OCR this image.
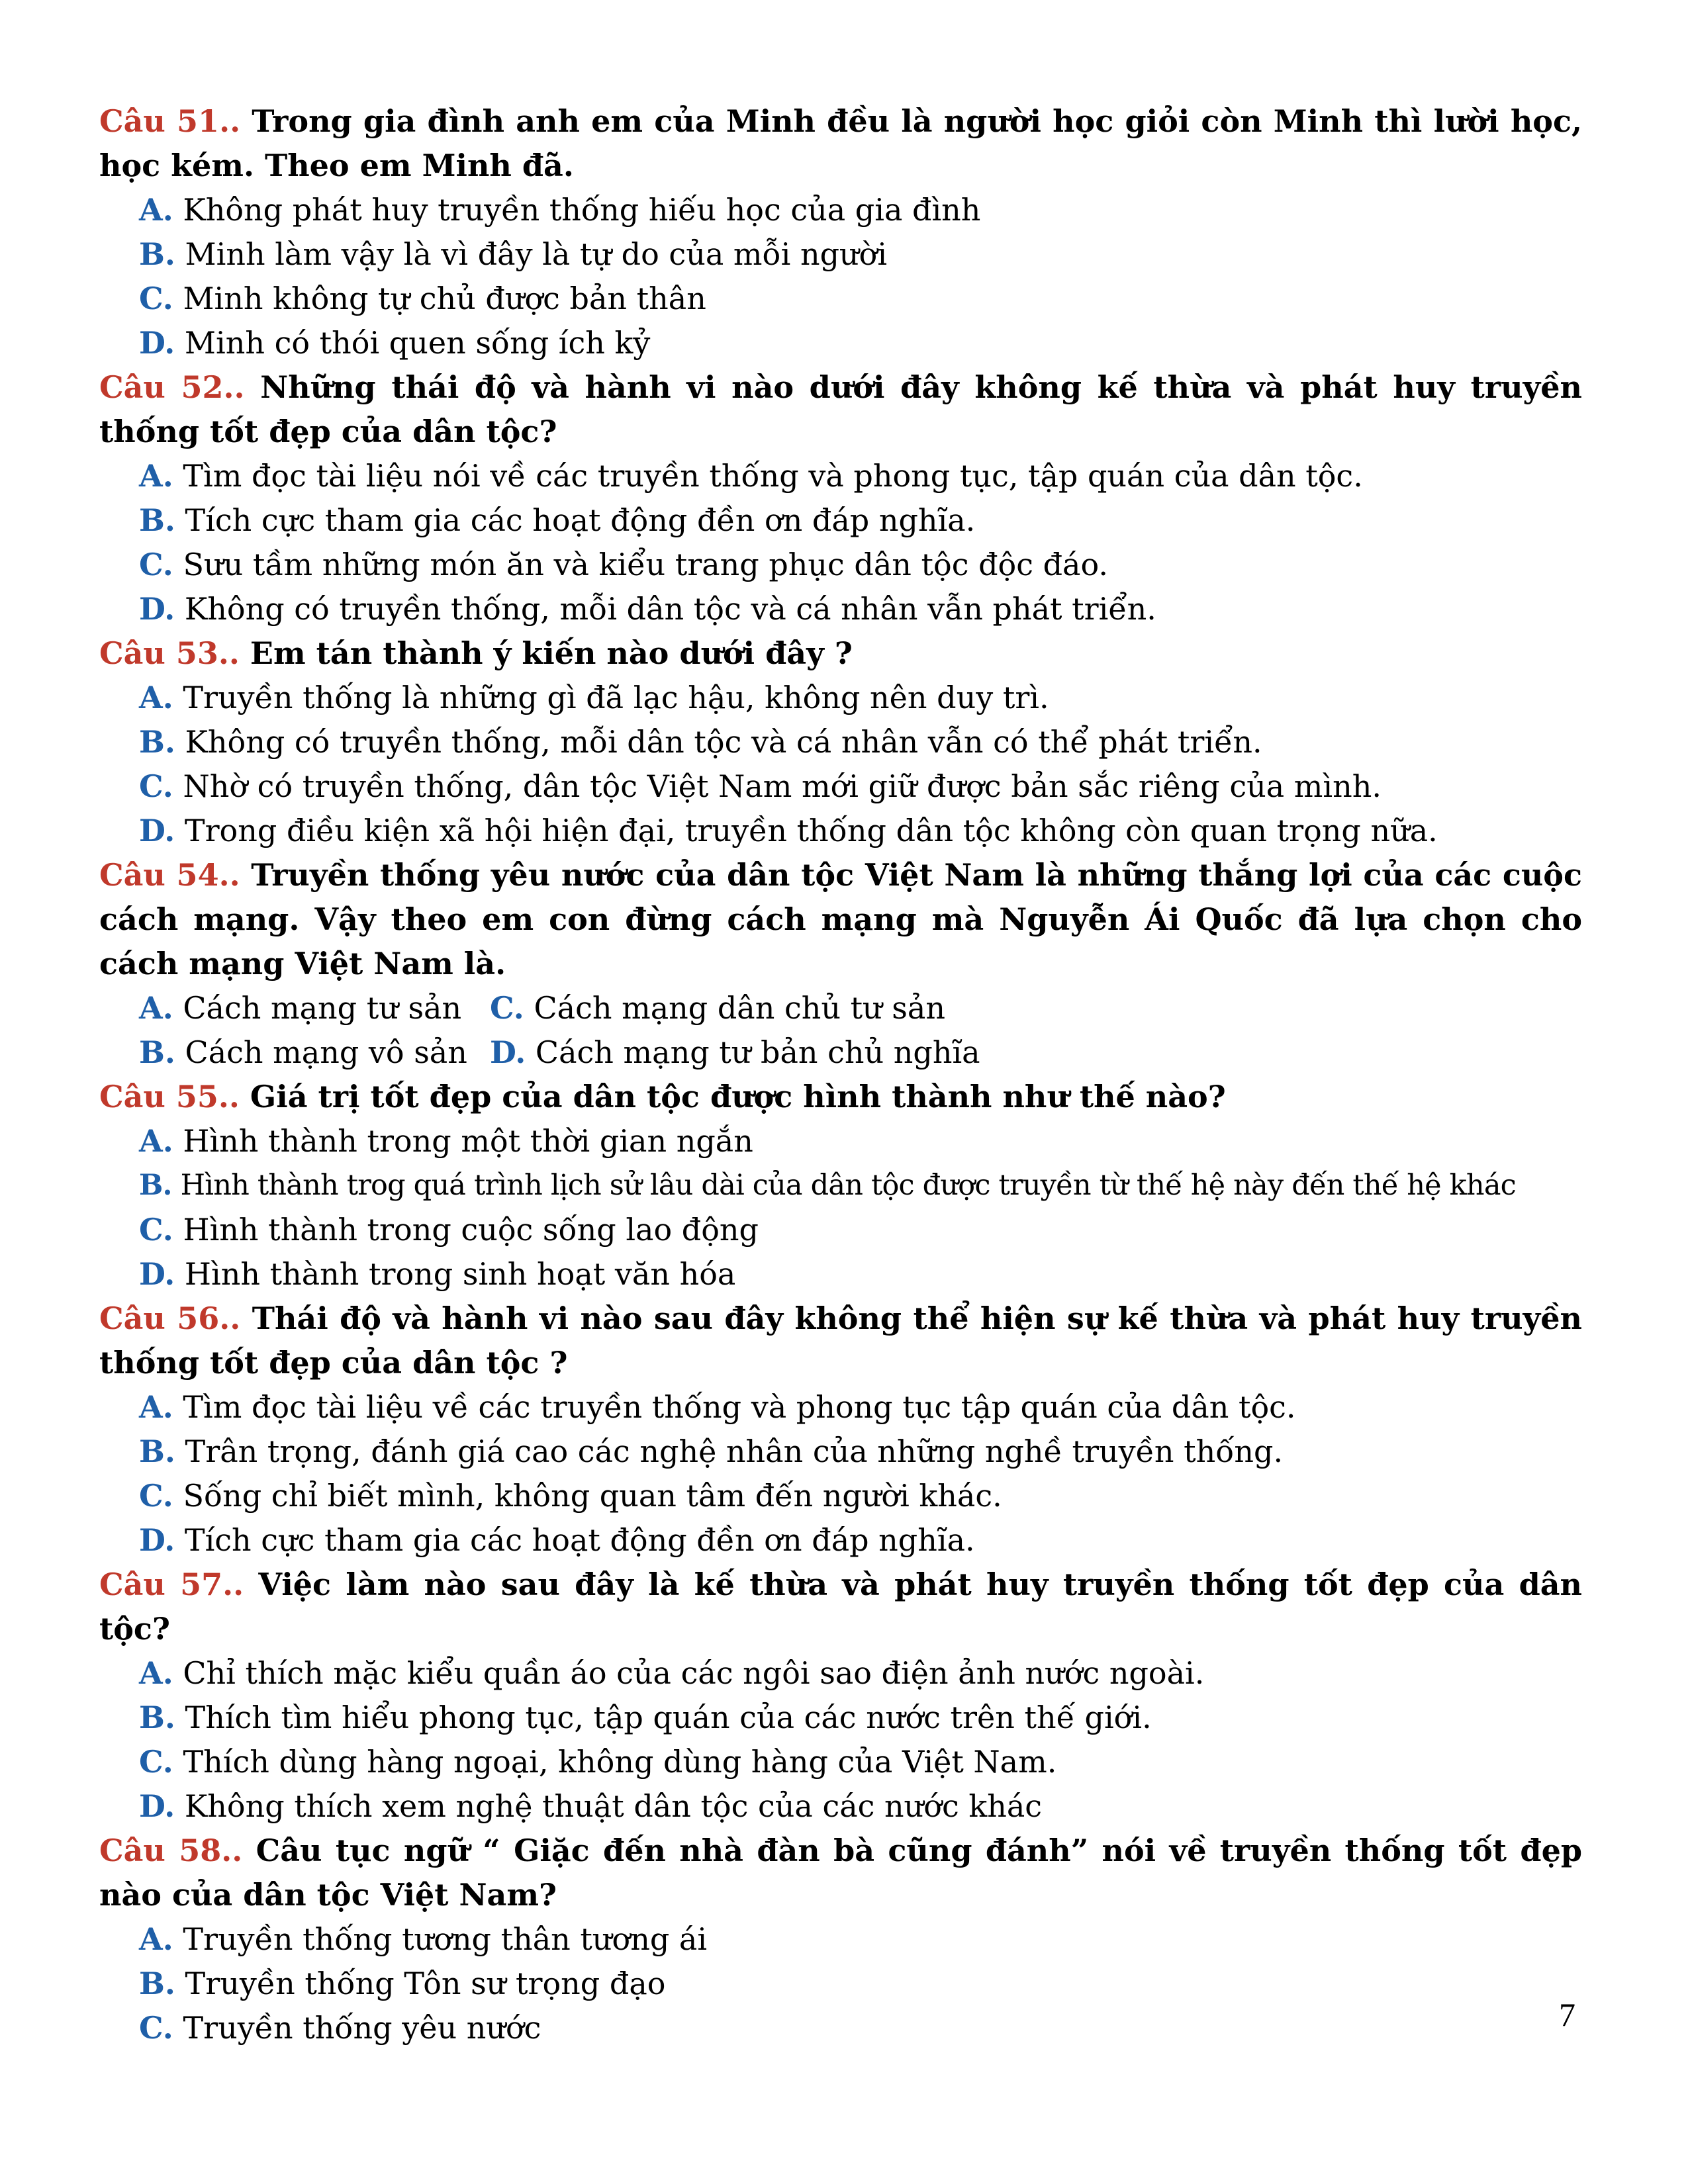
Câu 51.. Trong gia đình anh em của Minh đều là người học giỏi còn Minh thì lười học, học kém. Theo em Minh đã.

A. Không phát huy truyền thống hiếu học của gia đình

B. Minh làm vậy là vì đây là tự do của mỗi người

C. Minh không tự chủ được bản thân

D. Minh có thói quen sống ích kỷ

Câu 52.. Những thái độ và hành vi nào dưới đây không kế thừa và phát huy truyền thống tốt đẹp của dân tộc?

A. Tìm đọc tài liệu nói về các truyền thống và phong tục, tập quán của dân tộc.

B. Tích cực tham gia các hoạt động đền ơn đáp nghĩa.

C. Sưu tầm những món ăn và kiểu trang phục dân tộc độc đáo.

D. Không có truyền thống, mỗi dân tộc và cá nhân vẫn phát triển.

Câu 53.. Em tán thành ý kiến nào dưới đây ?

A. Truyền thống là những gì đã lạc hậu, không nên duy trì.

B. Không có truyền thống, mỗi dân tộc và cá nhân vẫn có thể phát triển.

C. Nhờ có truyền thống, dân tộc Việt Nam mới giữ được bản sắc riêng của mình.

D. Trong điều kiện xã hội hiện đại, truyền thống dân tộc không còn quan trọng nữa.

Câu 54.. Truyền thống yêu nước của dân tộc Việt Nam là những thắng lợi của các cuộc cách mạng. Vậy theo em con đừng cách mạng mà Nguyễn Ái Quốc đã lựa chọn cho cách mạng Việt Nam là.

A. Cách mạng tư sản C. Cách mạng dân chủ tư sản

B. Cách mạng vô sản D. Cách mạng tư bản chủ nghĩa

Câu 55.. Giá trị tốt đẹp của dân tộc được hình thành như thế nào?

A. Hình thành trong một thời gian ngắn

B. Hình thành trog quá trình lịch sử lâu dài của dân tộc được truyền từ thế hệ này đến thế hệ khác

C. Hình thành trong cuộc sống lao động

D. Hình thành trong sinh hoạt văn hóa

Câu 56.. Thái độ và hành vi nào sau đây không thể hiện sự kế thừa và phát huy truyền thống tốt đẹp của dân tộc ?

A. Tìm đọc tài liệu về các truyền thống và phong tục tập quán của dân tộc.

B. Trân trọng, đánh giá cao các nghệ nhân của những nghề truyền thống.

C. Sống chỉ biết mình, không quan tâm đến người khác.

D. Tích cực tham gia các hoạt động đền ơn đáp nghĩa.

Câu 57.. Việc làm nào sau đây là kế thừa và phát huy truyền thống tốt đẹp của dân tộc?

A. Chỉ thích mặc kiểu quần áo của các ngôi sao điện ảnh nước ngoài.

B. Thích tìm hiểu phong tục, tập quán của các nước trên thế giới.

C. Thích dùng hàng ngoại, không dùng hàng của Việt Nam.

D. Không thích xem nghệ thuật dân tộc của các nước khác

Câu 58.. Câu tục ngữ “ Giặc đến nhà đàn bà cũng đánh” nói về truyền thống tốt đẹp nào của dân tộc Việt Nam?

A. Truyền thống tương thân tương ái

B. Truyền thống Tôn sư trọng đạo

C. Truyền thống yêu nước	7
